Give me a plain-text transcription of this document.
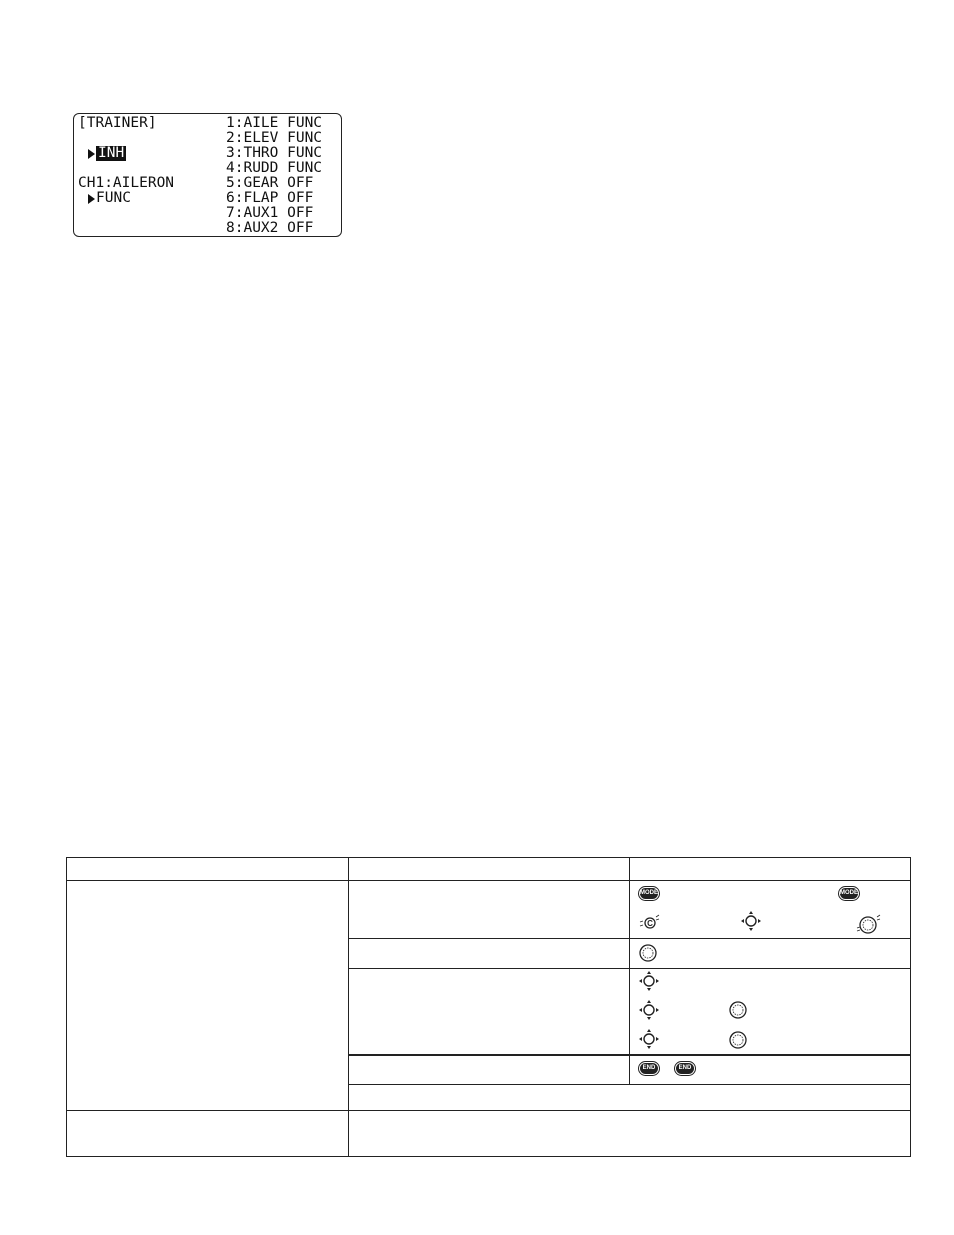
[TRAINER]

INH

CH1:AILERON
FUNC
1:AILE FUNC
2:ELEV FUNC
3:THRO FUNC
4:RUDD FUNC
5:GEAR OFF
6:FLAP OFF
7:AUX1 OFF
8:AUX2 OFF
MODE	MODE
C
END	END
